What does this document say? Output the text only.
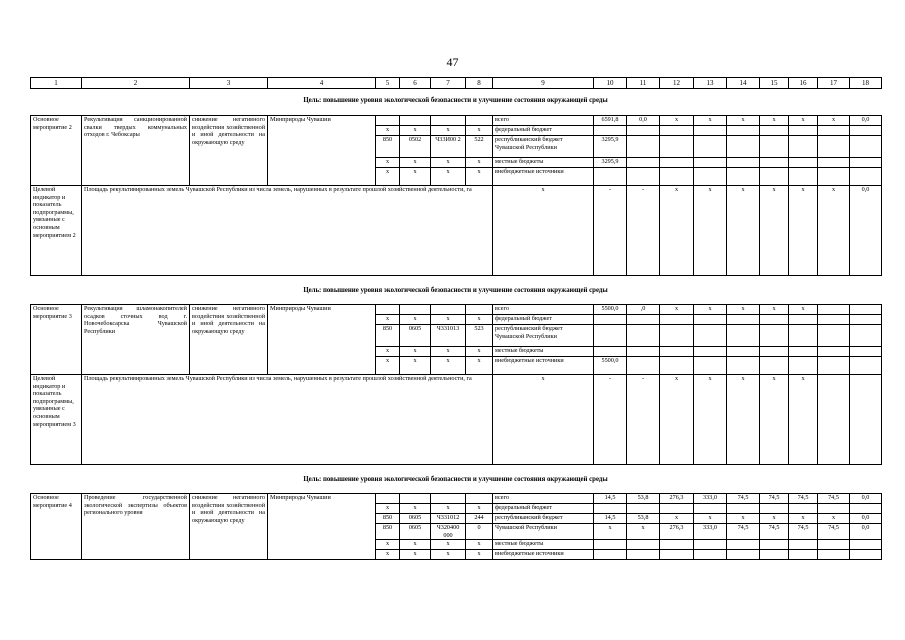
47
1	2	3	4	5	6	7	8	9	10	11	12	13	14	15	16	17	18
Цель: повышение уровня экологической безопасности и улучшение состояния окружающей среды
Цель: повышение уровня экологической безопасности и улучшение состояния окружающей среды
Цель: повышение уровня экологической безопасности и улучшение состояния окружающей среды
Основное мероприятие 2	Рекультивация санкционированной свалки твердых коммунальных отходов г. Чебоксары	снижение негативного воздействия хозяйственной и иной деятельности на окружающую среду	Минприроды Чувашии					всего	6591,8	0,0	x	x	x	x	x	x	0,0
				x	x	x	x	федеральный бюджет									
				850	0502	Ч33И00 2	522	республиканский бюджет Чувашской Республики	3295,9								
				x	x	x	x	местные бюджеты	3295,9								
				x	x	x	x	внебюджетные источники									
Целевой индикатор и показатель подпрограммы, увязанные с основным мероприятием 2	Площадь рекультивированных земель Чувашской Республики из числа земель, нарушенных в результате прошлой хозяйственной деятельности, га							x	-	-	x	x	x	x	x	x	0,0
Основное мероприятие 3	Рекультивация шламонакопителей осадков сточных вод г. Новочебоксарска Чувашской Республики	снижение негативного воздействия хозяйственной и иной деятельности на окружающую среду	Минприроды Чувашии					всего	5500,0	,0	x	x	x	x	x		
				x	x	x	x	федеральный бюджет									
				850	0605	Ч331013	523	республиканский бюджет Чувашской Республики									
				x	x	x	x	местные бюджеты									
				x	x	x	x	внебюджетные источники	5500,0								
Целевой индикатор и показатель подпрограммы, увязанные с основным мероприятием 3	Площадь рекультивированных земель Чувашской Республики из числа земель, нарушенных в результате прошлой хозяйственной деятельности, га							x	-	-	x	x	x	x	x		
Основное мероприятие 4	Проведение государственной экологической экспертизы объектов регионального уровня	снижение негативного воздействия хозяйственной и иной деятельности на окружающую среду	Минприроды Чувашии					всего	14,5	53,8	276,3	333,0	74,5	74,5	74,5	74,5	0,0
				x	x	x	x	федеральный бюджет									
				850	0605	Ч331012	244	республиканский бюджет	14,5	53,8	x	x	x	x	x	x	0,0
				850	0605	Ч320400 000	0	Чувашской Республики	x	x	276,3	333,0	74,5	74,5	74,5	74,5	0,0
				x	x	x	x	местные бюджеты									
				x	x	x	x	внебюджетные источники									
